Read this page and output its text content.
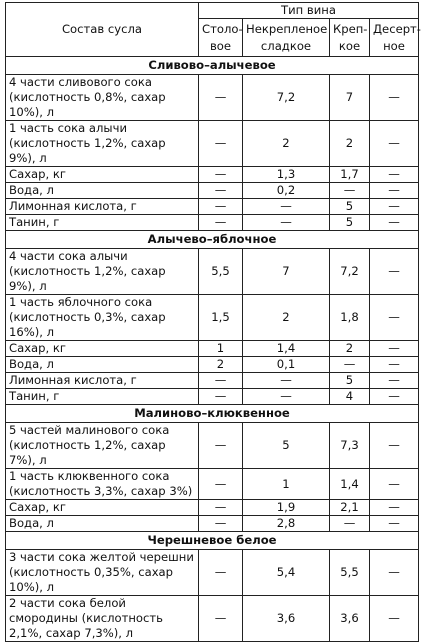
Состав сусла	Тип вина			
	Столо-вое	Некрепленое сладкое	Креп-кое	Десерт-ное
Сливово–алычевое				
4 части сливового сока (кислотность 0,8%, сахар 10%), л	—	7,2	7	—
1 часть сока алычи (кислотность 1,2%, сахар 9%), л	—	2	2	—
Сахар, кг	—	1,3	1,7	—
Вода, л	—	0,2	—	—
Лимонная кислота, г	—	—	5	—
Танин, г	—	—	5	—
Алычево–яблочное				
4 части сока алычи (кислотность 1,2%, сахар 9%), л	5,5	7	7,2	—
1 часть яблочного сока (кислотность 0,3%, сахар 16%), л	1,5	2	1,8	—
Сахар, кг	1	1,4	2	—
Вода, л	2	0,1	—	—
Лимонная кислота, г	—	—	5	—
Танин, г	—	—	4	—
Малиново–клюквенное				
5 частей малинового сока (кислотность 1,2%, сахар 7%), л	—	5	7,3	—
1 часть клюквенного сока (кислотность 3,3%, сахар 3%)	—	1	1,4	—
Сахар, кг	—	1,9	2,1	—
Вода, л	—	2,8	—	—
Черешневое белое				
3 части сока желтой черешни (кислотность 0,35%, сахар 10%), л	—	5,4	5,5	—
2 части сока белой смородины (кислотность 2,1%, сахар 7,3%), л	—	3,6	3,6	—
